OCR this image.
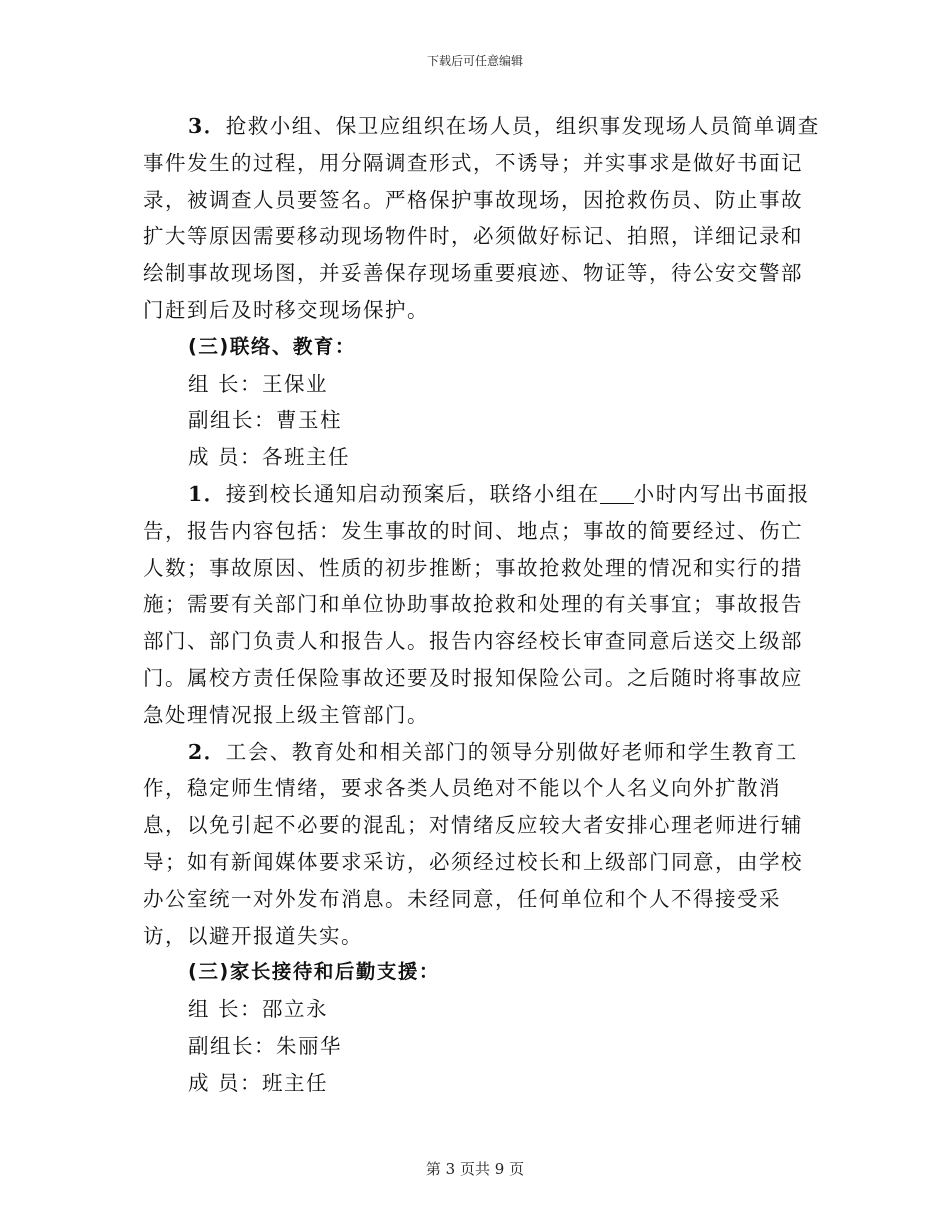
下载后可任意编辑

3．抢救小组、保卫应组织在场人员，组织事发现场人员简单调查事件发生的过程，用分隔调查形式，不诱导；并实事求是做好书面记录，被调查人员要签名。严格保护事故现场，因抢救伤员、防止事故扩大等原因需要移动现场物件时，必须做好标记、拍照，详细记录和绘制事故现场图，并妥善保存现场重要痕迹、物证等，待公安交警部门赶到后及时移交现场保护。

(三)联络、教育：

组 长：王保业

副组长：曹玉柱

成 员：各班主任

1．接到校长通知启动预案后，联络小组在 小时内写出书面报告，报告内容包括：发生事故的时间、地点；事故的简要经过、伤亡人数；事故原因、性质的初步推断；事故抢救处理的情况和实行的措施；需要有关部门和单位协助事故抢救和处理的有关事宜；事故报告部门、部门负责人和报告人。报告内容经校长审查同意后送交上级部门。属校方责任保险事故还要及时报知保险公司。之后随时将事故应急处理情况报上级主管部门。

2．工会、教育处和相关部门的领导分别做好老师和学生教育工作，稳定师生情绪，要求各类人员绝对不能以个人名义向外扩散消息，以免引起不必要的混乱；对情绪反应较大者安排心理老师进行辅导；如有新闻媒体要求采访，必须经过校长和上级部门同意，由学校办公室统一对外发布消息。未经同意，任何单位和个人不得接受采访，以避开报道失实。

(三)家长接待和后勤支援：

组 长：邵立永

副组长：朱丽华

成 员：班主任

第 3 页共 9 页
